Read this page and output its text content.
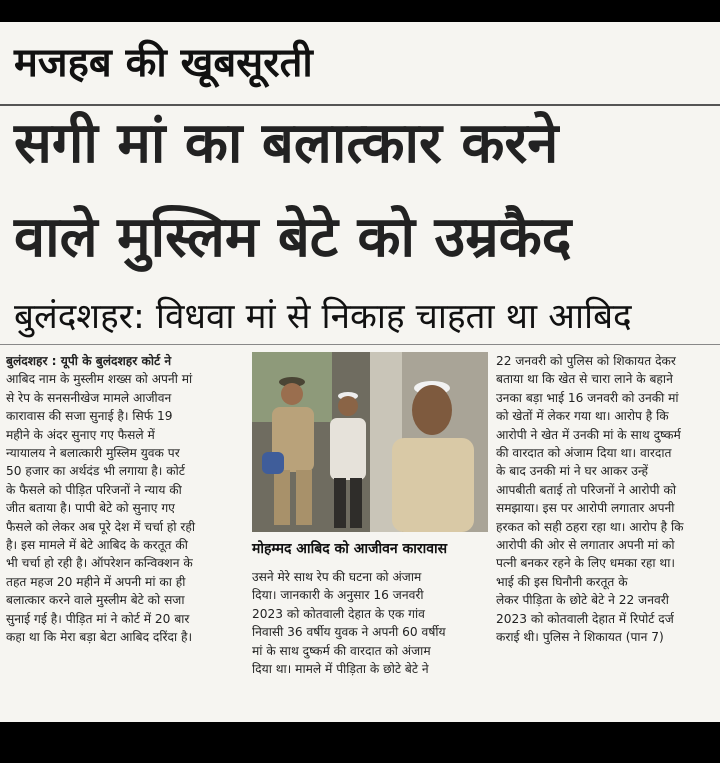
मजहब की खूबसूरती
सगी मां का बलात्कार करने
वाले मुस्लिम बेटे को उम्रकैद
बुलंदशहर: विधवा मां से निकाह चाहता था आबिद

बुलंदशहर : यूपी के बुलंदशहर कोर्ट ने

आबिद नाम के मुस्लीम शख्स को अपनी मां

से रेप के सनसनीखेज मामले आजीवन

कारावास की सजा सुनाई है। सिर्फ 19

महीने के अंदर सुनाए गए फैसले में

न्यायालय ने बलात्कारी मुस्लिम युवक पर

50 हजार का अर्थदंड भी लगाया है। कोर्ट

के फैसले को पीड़ित परिजनों ने न्याय की

जीत बताया है। पापी बेटे को सुनाए गए

फैसले को लेकर अब पूरे देश में चर्चा हो रही

है। इस मामले में बेटे आबिद के करतूत की

भी चर्चा हो रही है। ऑपरेशन कन्विक्शन के

तहत महज 20 महीने में अपनी मां का ही

बलात्कार करने वाले मुस्लीम बेटे को सजा

सुनाई गई है। पीड़ित मां ने कोर्ट में 20 बार

कहा था कि मेरा बड़ा बेटा आबिद दरिंदा है।

मोहम्मद आबिद को आजीवन कारावास

उसने मेरे साथ रेप की घटना को अंजाम

दिया। जानकारी के अनुसार 16 जनवरी

2023 को कोतवाली देहात के एक गांव

निवासी 36 वर्षीय युवक ने अपनी 60 वर्षीय

मां के साथ दुष्कर्म की वारदात को अंजाम

दिया था। मामले में पीड़िता के छोटे बेटे ने

22 जनवरी को पुलिस को शिकायत देकर

बताया था कि खेत से चारा लाने के बहाने

उनका बड़ा भाई 16 जनवरी को उनकी मां

को खेतों में लेकर गया था। आरोप है कि

आरोपी ने खेत में उनकी मां के साथ दुष्कर्म

की वारदात को अंजाम दिया था। वारदात

के बाद उनकी मां ने घर आकर उन्हें

आपबीती बताई तो परिजनों ने आरोपी को

समझाया। इस पर आरोपी लगातार अपनी

हरकत को सही ठहरा रहा था। आरोप है कि

आरोपी की ओर से लगातार अपनी मां को

पत्नी बनकर रहने के लिए धमका रहा था।

भाई की इस घिनौनी करतूत के

लेकर पीड़िता के छोटे बेटे ने 22 जनवरी

2023 को कोतवाली देहात में रिपोर्ट दर्ज

कराई थी। पुलिस ने शिकायत (पान 7)
